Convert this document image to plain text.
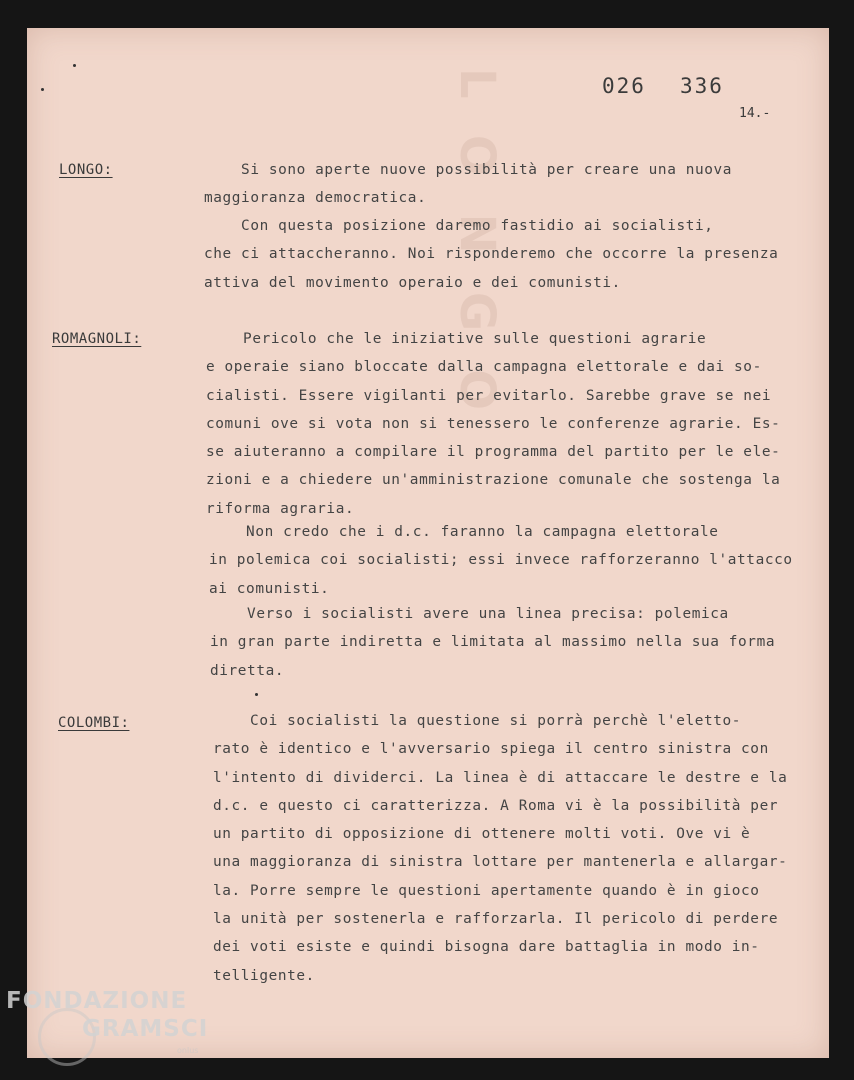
LONGO	026 336
14.-
LONGO:	Si sono aperte nuove possibilità per creare una nuova
maggioranza democratica.

Con questa posizione daremo fastidio ai socialisti,
che ci attaccheranno. Noi risponderemo che occorre la presenza
attiva del movimento operaio e dei comunisti.

ROMAGNOLI:	Pericolo che le iniziative sulle questioni agrarie
e operaie siano bloccate dalla campagna elettorale e dai so-
cialisti. Essere vigilanti per evitarlo. Sarebbe grave se nei
comuni ove si vota non si tenessero le conferenze agrarie. Es-
se aiuteranno a compilare il programma del partito per le ele-
zioni e a chiedere un'amministrazione comunale che sostenga la
riforma agraria.

Non credo che i d.c. faranno la campagna elettorale
in polemica coi socialisti; essi invece rafforzeranno l'attacco
ai comunisti.

Verso i socialisti avere una linea precisa: polemica
in gran parte indiretta e limitata al massimo nella sua forma
diretta.

COLOMBI:	Coi socialisti la questione si porrà perchè l'eletto-
rato è identico e l'avversario spiega il centro sinistra con
l'intento di dividerci. La linea è di attaccare le destre e la
d.c. e questo ci caratterizza. A Roma vi è la possibilità per
un partito di opposizione di ottenere molti voti. Ove vi è
una maggioranza di sinistra lottare per mantenerla e allargar-
la. Porre sempre le questioni apertamente quando è in gioco
la unità per sostenerla e rafforzarla. Il pericolo di perdere
dei voti esiste e quindi bisogna dare battaglia in modo in-
telligente.

FONDAZIONE
GRAMSCI
onlus
